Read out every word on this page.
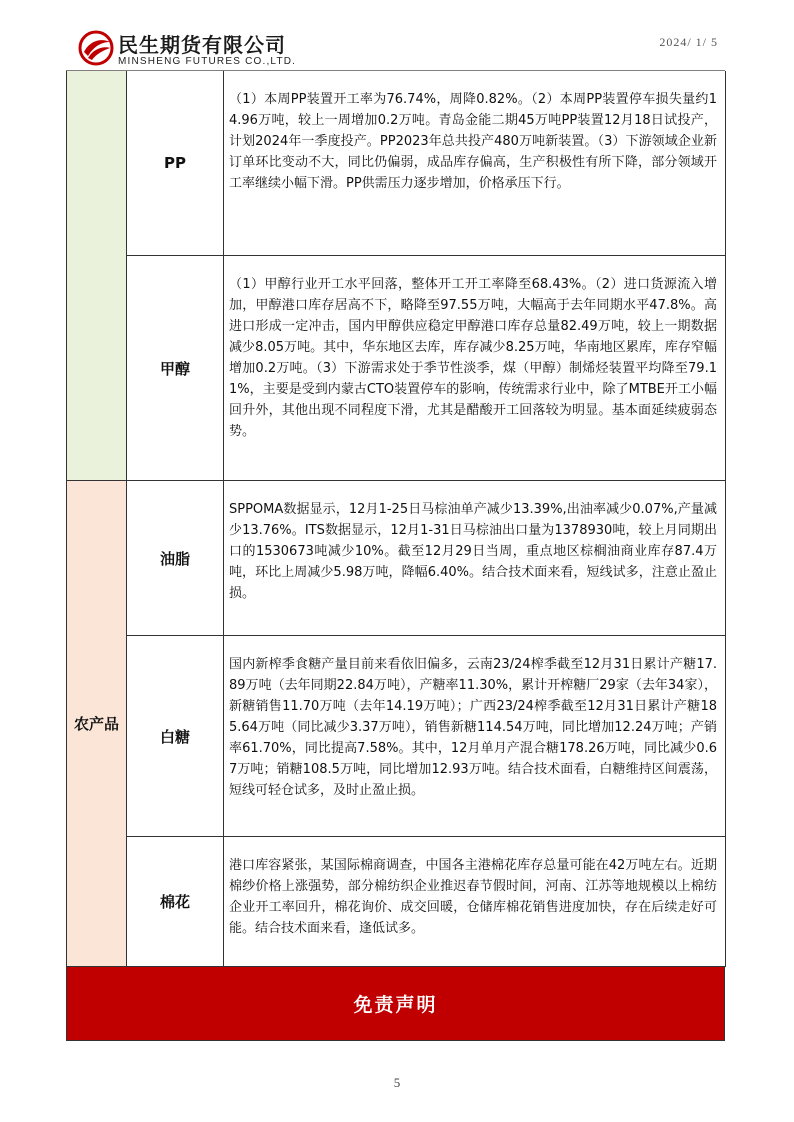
民生期货有限公司
MINSHENG FUTURES CO.,LTD.
2024/ 1/ 5
PP
（1）本周PP装置开工率为76.74%，周降0.82%。（2）本周PP装置停车损失量约14.96万吨，较上一周增加0.2万吨。青岛金能二期45万吨PP装置12月18日试投产，计划2024年一季度投产。PP2023年总共投产480万吨新装置。（3）下游领域企业新订单环比变动不大，同比仍偏弱，成品库存偏高，生产积极性有所下降，部分领域开工率继续小幅下滑。PP供需压力逐步增加，价格承压下行。
甲醇
（1）甲醇行业开工水平回落，整体开工开工率降至68.43%。（2）进口货源流入增加，甲醇港口库存居高不下，略降至97.55万吨，大幅高于去年同期水平47.8%。高进口形成一定冲击，国内甲醇供应稳定甲醇港口库存总量82.49万吨，较上一期数据减少8.05万吨。其中，华东地区去库，库存减少8.25万吨，华南地区累库，库存窄幅增加0.2万吨。（3）下游需求处于季节性淡季，煤（甲醇）制烯烃装置平均降至79.11%，主要是受到内蒙古CTO装置停车的影响，传统需求行业中，除了MTBE开工小幅回升外，其他出现不同程度下滑，尤其是醋酸开工回落较为明显。基本面延续疲弱态势。
农产品
油脂
SPPOMA数据显示，12月1-25日马棕油单产减少13.39%,出油率减少0.07%,产量减少13.76%。ITS数据显示，12月1-31日马棕油出口量为1378930吨，较上月同期出口的1530673吨减少10%。截至12月29日当周，重点地区棕榈油商业库存87.4万吨，环比上周减少5.98万吨，降幅6.40%。结合技术面来看，短线试多，注意止盈止损。
白糖
国内新榨季食糖产量目前来看依旧偏多，云南23/24榨季截至12月31日累计产糖17.89万吨（去年同期22.84万吨），产糖率11.30%，累计开榨糖厂29家（去年34家），新糖销售11.70万吨（去年14.19万吨）；广西23/24榨季截至12月31日累计产糖185.64万吨（同比减少3.37万吨），销售新糖114.54万吨，同比增加12.24万吨；产销率61.70%，同比提高7.58%。其中，12月单月产混合糖178.26万吨，同比减少0.67万吨；销糖108.5万吨，同比增加12.93万吨。结合技术面看，白糖维持区间震荡，短线可轻仓试多，及时止盈止损。
棉花
港口库容紧张，某国际棉商调查，中国各主港棉花库存总量可能在42万吨左右。近期棉纱价格上涨强势，部分棉纺织企业推迟春节假时间，河南、江苏等地规模以上棉纺企业开工率回升，棉花询价、成交回暖，仓储库棉花销售进度加快，存在后续走好可能。结合技术面来看，逢低试多。
免责声明
5
